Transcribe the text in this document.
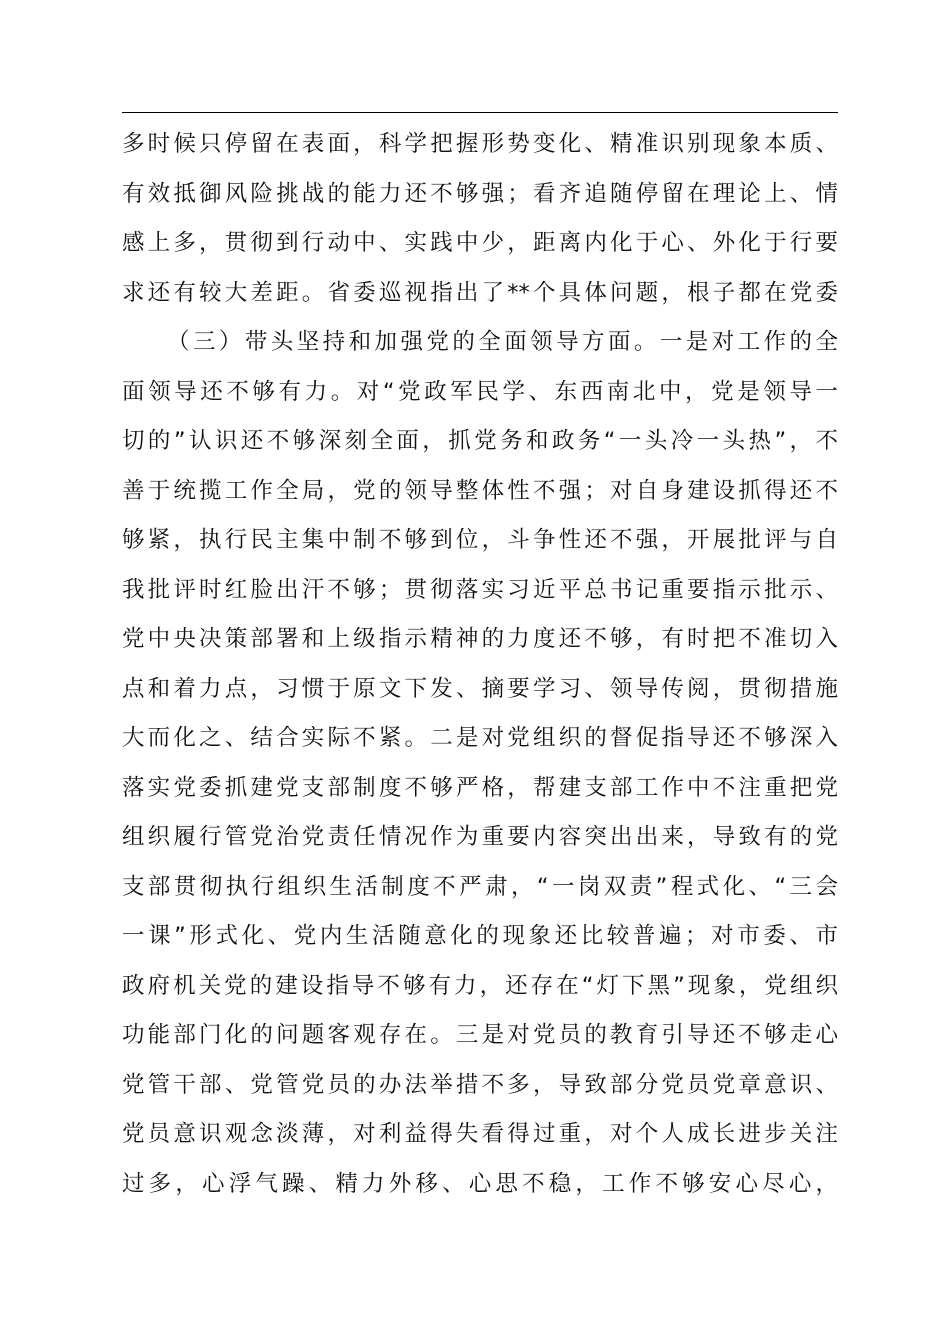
多时候只停留在表面，科学把握形势变化、精准识别现象本质、
有效抵御风险挑战的能力还不够强；看齐追随停留在理论上、情
感上多，贯彻到行动中、实践中少，距离内化于心、外化于行要
求还有较大差距。省委巡视指出了**个具体问题，根子都在党委
（三）带头坚持和加强党的全面领导方面。一是对工作的全
面领导还不够有力。对“党政军民学、东西南北中，党是领导一
切的”认识还不够深刻全面，抓党务和政务“一头冷一头热”，不
善于统揽工作全局，党的领导整体性不强；对自身建设抓得还不
够紧，执行民主集中制不够到位，斗争性还不强，开展批评与自
我批评时红脸出汗不够；贯彻落实习近平总书记重要指示批示、
党中央决策部署和上级指示精神的力度还不够，有时把不准切入
点和着力点，习惯于原文下发、摘要学习、领导传阅，贯彻措施
大而化之、结合实际不紧。二是对党组织的督促指导还不够深入
落实党委抓建党支部制度不够严格，帮建支部工作中不注重把党
组织履行管党治党责任情况作为重要内容突出出来，导致有的党
支部贯彻执行组织生活制度不严肃，“一岗双责”程式化、“三会
一课”形式化、党内生活随意化的现象还比较普遍；对市委、市
政府机关党的建设指导不够有力，还存在“灯下黑”现象，党组织
功能部门化的问题客观存在。三是对党员的教育引导还不够走心
党管干部、党管党员的办法举措不多，导致部分党员党章意识、
党员意识观念淡薄，对利益得失看得过重，对个人成长进步关注
过多，心浮气躁、精力外移、心思不稳，工作不够安心尽心，
